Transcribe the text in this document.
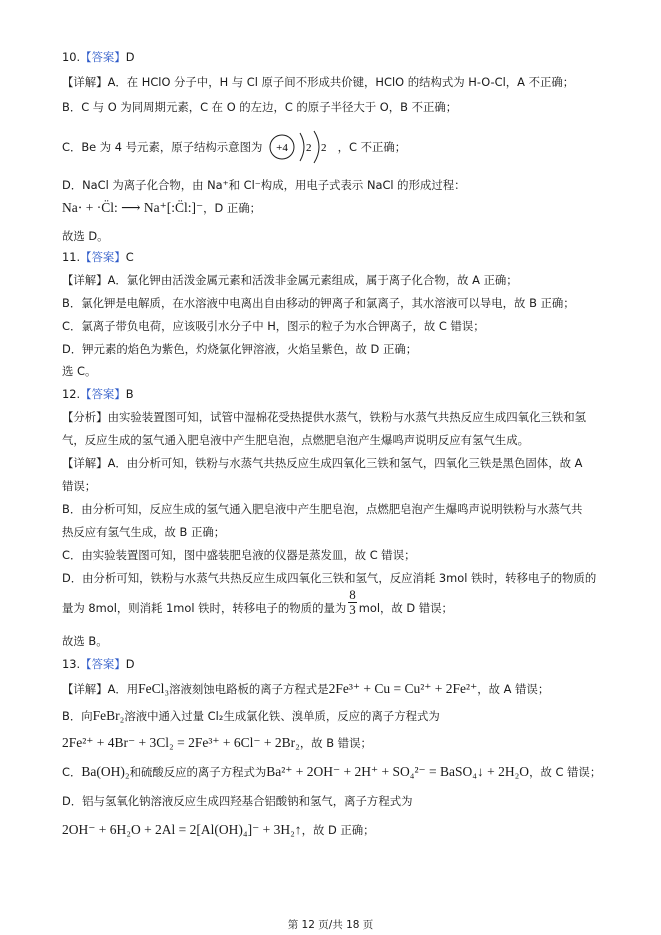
10.【答案】D
【详解】A．在 HClO 分子中，H 与 Cl 原子间不形成共价键，HClO 的结构式为 H-O-Cl，A 不正确；
B．C 与 O 为同周期元素，C 在 O 的左边，C 的原子半径大于 O，B 不正确；
C．Be 为 4 号元素，原子结构示意图为 +4 2 2 ，C 不正确；
D．NaCl 为离子化合物，由 Na⁺和 Cl⁻构成，用电子式表示 NaCl 的形成过程：
Na⋅ + ·C̈l: ⟶ Na⁺[:C̈l:]⁻，D 正确；
故选 D。
11.【答案】C
【详解】A．氯化钾由活泼金属元素和活泼非金属元素组成，属于离子化合物，故 A 正确；
B．氯化钾是电解质，在水溶液中电离出自由移动的钾离子和氯离子，其水溶液可以导电，故 B 正确；
C．氯离子带负电荷，应该吸引水分子中 H，图示的粒子为水合钾离子，故 C 错误；
D．钾元素的焰色为紫色，灼烧氯化钾溶液，火焰呈紫色，故 D 正确；
选 C。
12.【答案】B
【分析】由实验装置图可知，试管中湿棉花受热提供水蒸气，铁粉与水蒸气共热反应生成四氧化三铁和氢
气，反应生成的氢气通入肥皂液中产生肥皂泡，点燃肥皂泡产生爆鸣声说明反应有氢气生成。
【详解】A．由分析可知，铁粉与水蒸气共热反应生成四氧化三铁和氢气，四氧化三铁是黑色固体，故 A
错误；
B．由分析可知，反应生成的氢气通入肥皂液中产生肥皂泡，点燃肥皂泡产生爆鸣声说明铁粉与水蒸气共
热反应有氢气生成，故 B 正确；
C．由实验装置图可知，图中盛装肥皂液的仪器是蒸发皿，故 C 错误；
D．由分析可知，铁粉与水蒸气共热反应生成四氧化三铁和氢气，反应消耗 3mol 铁时，转移电子的物质的
量为 8mol，则消耗 1mol 铁时，转移电子的物质的量为 $\frac{8}{3}$ mol，故 D 错误；
故选 B。
13.【答案】D
【详解】A．用FeCl₃溶液刻蚀电路板的离子方程式是2Fe³⁺ + Cu = Cu²⁺ + 2Fe²⁺，故 A 错误；
B．向FeBr₂溶液中通入过量 Cl₂生成氯化铁、溴单质，反应的离子方程式为
2Fe²⁺ + 4Br⁻ + 3Cl₂ = 2Fe³⁺ + 6Cl⁻ + 2Br₂，故 B 错误；
C．Ba(OH)₂和硫酸反应的离子方程式为Ba²⁺ + 2OH⁻ + 2H⁺ + SO₄²⁻ = BaSO₄↓ + 2H₂O，故 C 错误；
D．铝与氢氧化钠溶液反应生成四羟基合铝酸钠和氢气，离子方程式为
2OH⁻ + 6H₂O + 2Al = 2[Al(OH)₄]⁻ + 3H₂↑，故 D 正确；
第 12 页/共 18 页
